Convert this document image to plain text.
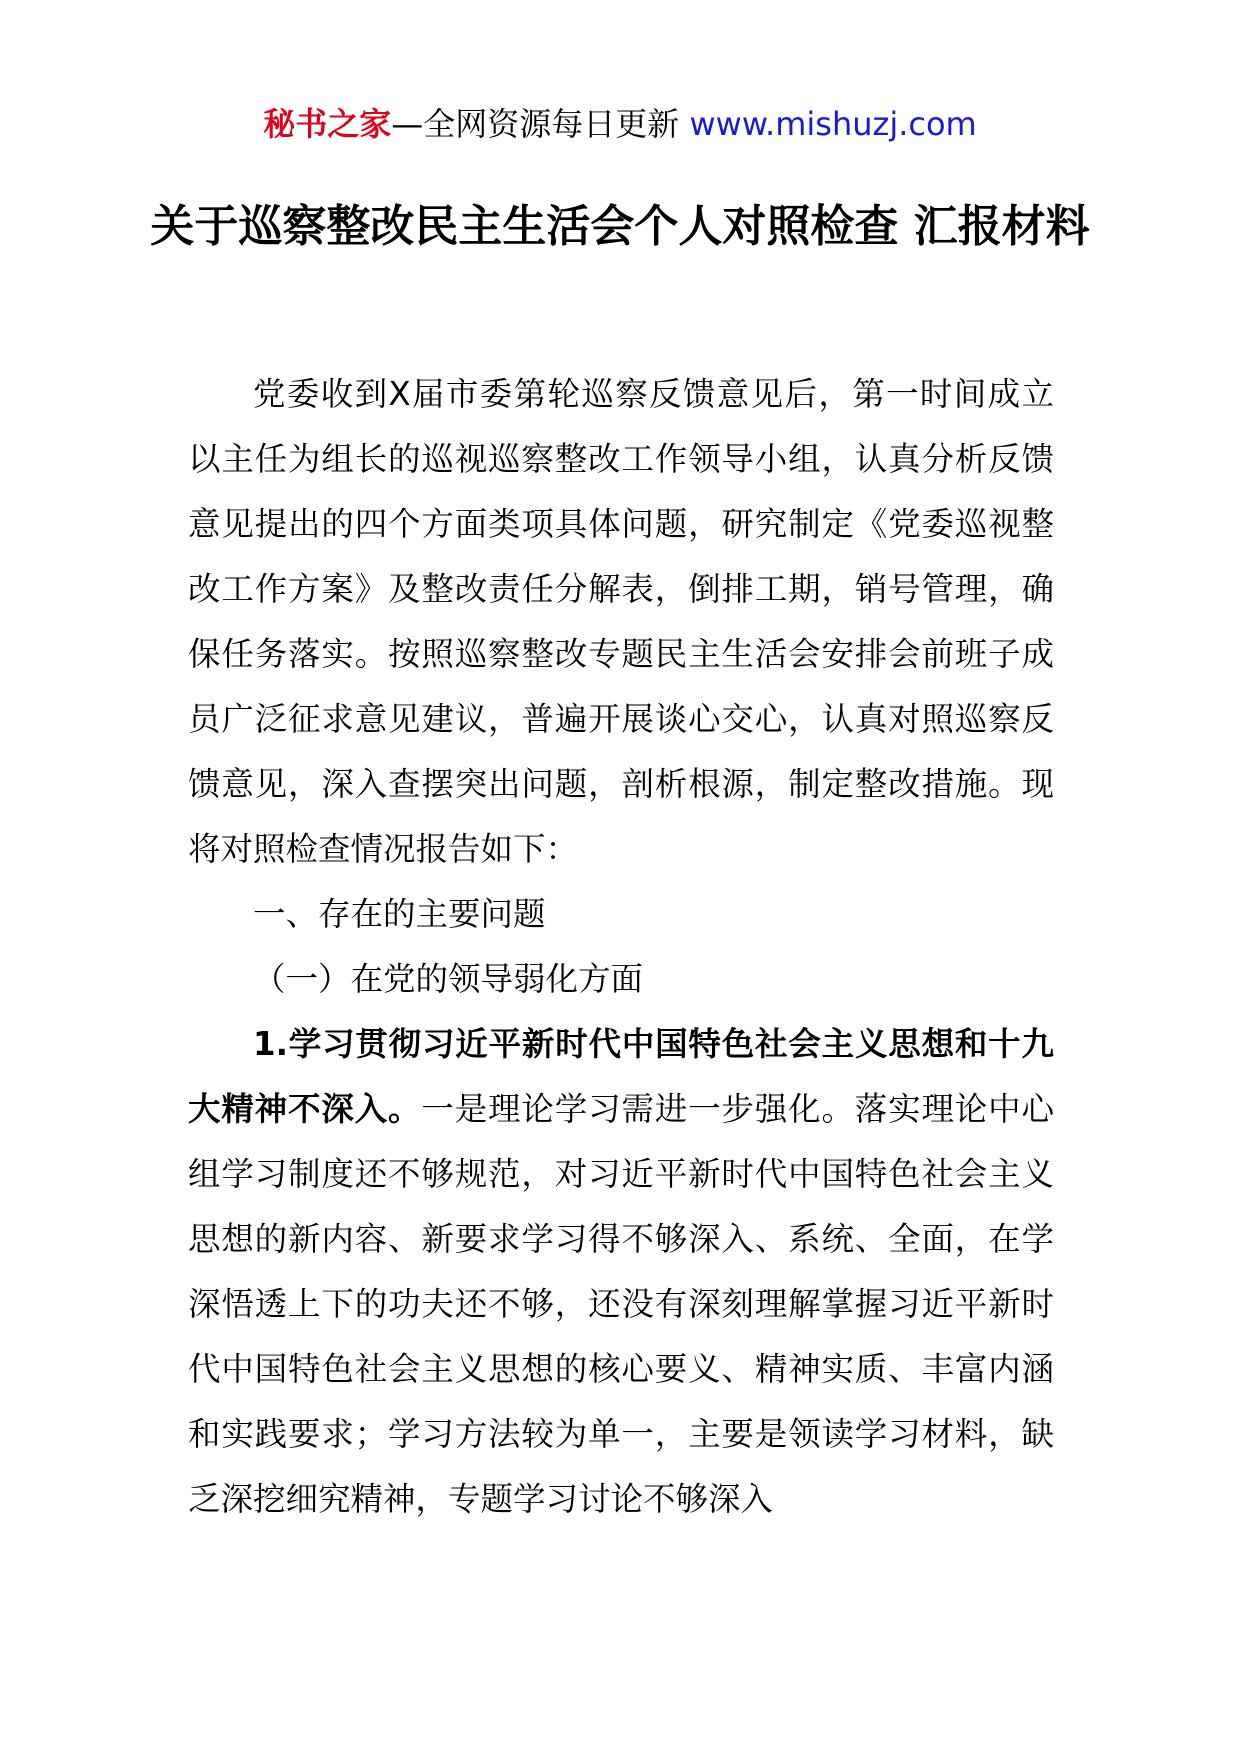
秘书之家—全网资源每日更新 www.mishuzj.com
关于巡察整改民主生活会个人对照检查 汇报材料

党委收到X届市委第轮巡察反馈意见后，第一时间成立以主任为组长的巡视巡察整改工作领导小组，认真分析反馈意见提出的四个方面类项具体问题，研究制定《党委巡视整改工作方案》及整改责任分解表，倒排工期，销号管理，确保任务落实。按照巡察整改专题民主生活会安排会前班子成员广泛征求意见建议，普遍开展谈心交心，认真对照巡察反馈意见，深入查摆突出问题，剖析根源，制定整改措施。现将对照检查情况报告如下：

一、存在的主要问题

（一）在党的领导弱化方面

1.学习贯彻习近平新时代中国特色社会主义思想和十九大精神不深入。一是理论学习需进一步强化。落实理论中心组学习制度还不够规范，对习近平新时代中国特色社会主义思想的新内容、新要求学习得不够深入、系统、全面，在学深悟透上下的功夫还不够，还没有深刻理解掌握习近平新时代中国特色社会主义思想的核心要义、精神实质、丰富内涵和实践要求；学习方法较为单一，主要是领读学习材料，缺乏深挖细究精神，专题学习讨论不够深入
